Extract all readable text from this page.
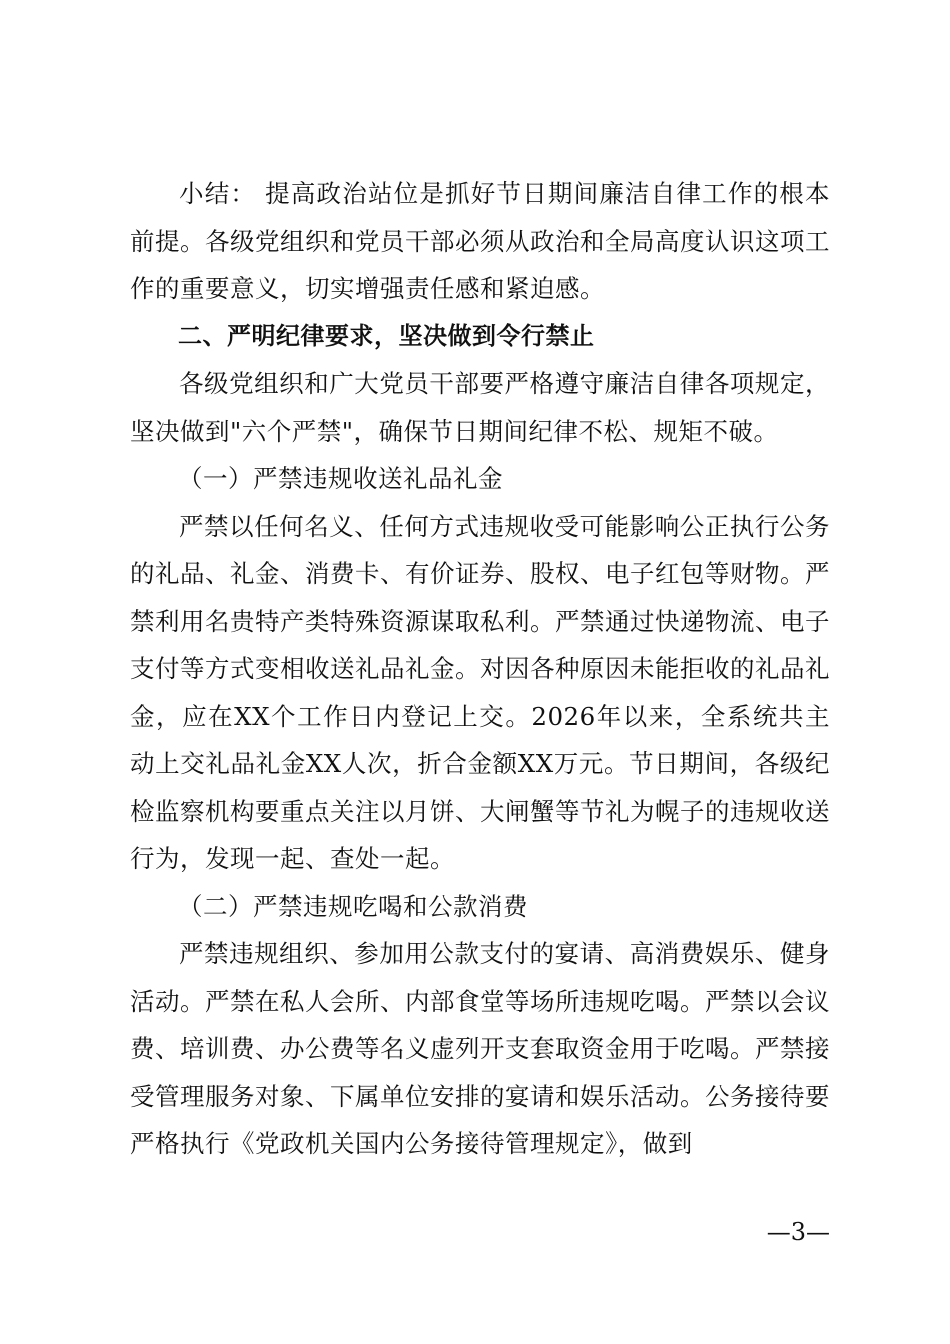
小结： 提高政治站位是抓好节日期间廉洁自律工作的根本前提。各级党组织和党员干部必须从政治和全局高度认识这项工作的重要意义，切实增强责任感和紧迫感。

二、严明纪律要求，坚决做到令行禁止

各级党组织和广大党员干部要严格遵守廉洁自律各项规定，坚决做到"六个严禁"，确保节日期间纪律不松、规矩不破。

（一）严禁违规收送礼品礼金

严禁以任何名义、任何方式违规收受可能影响公正执行公务的礼品、礼金、消费卡、有价证券、股权、电子红包等财物。严禁利用名贵特产类特殊资源谋取私利。严禁通过快递物流、电子支付等方式变相收送礼品礼金。对因各种原因未能拒收的礼品礼金，应在XX个工作日内登记上交。2026年以来，全系统共主动上交礼品礼金XX人次，折合金额XX万元。节日期间，各级纪检监察机构要重点关注以月饼、大闸蟹等节礼为幌子的违规收送行为，发现一起、查处一起。

（二）严禁违规吃喝和公款消费

严禁违规组织、参加用公款支付的宴请、高消费娱乐、健身活动。严禁在私人会所、内部食堂等场所违规吃喝。严禁以会议费、培训费、办公费等名义虚列开支套取资金用于吃喝。严禁接受管理服务对象、下属单位安排的宴请和娱乐活动。公务接待要严格执行《党政机关国内公务接待管理规定》，做到

—3—
